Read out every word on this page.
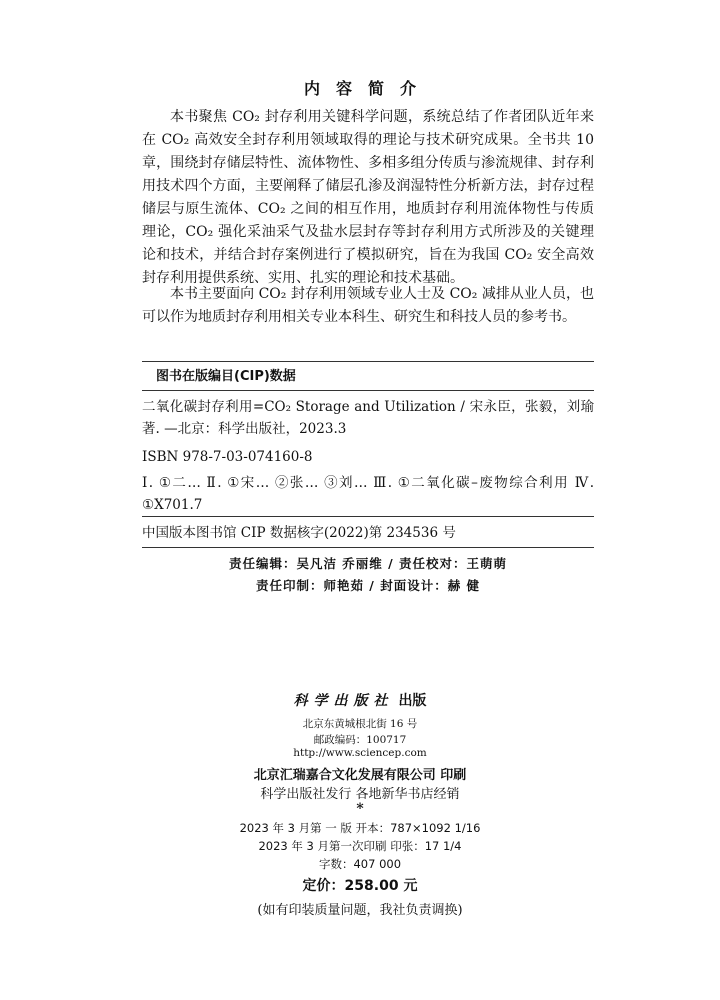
内容简介

本书聚焦 CO₂ 封存利用关键科学问题，系统总结了作者团队近年来在 CO₂ 高效安全封存利用领域取得的理论与技术研究成果。全书共 10 章，围绕封存储层特性、流体物性、多相多组分传质与渗流规律、封存利用技术四个方面，主要阐释了储层孔渗及润湿特性分析新方法，封存过程储层与原生流体、CO₂ 之间的相互作用，地质封存利用流体物性与传质理论，CO₂ 强化采油采气及盐水层封存等封存利用方式所涉及的关键理论和技术，并结合封存案例进行了模拟研究，旨在为我国 CO₂ 安全高效封存利用提供系统、实用、扎实的理论和技术基础。

本书主要面向 CO₂ 封存利用领域专业人士及 CO₂ 减排从业人员，也可以作为地质封存利用相关专业本科生、研究生和科技人员的参考书。

图书在版编目(CIP)数据
二氧化碳封存利用=CO₂ Storage and Utilization / 宋永臣，张毅，刘瑜著. —北京：科学出版社，2023.3
ISBN 978-7-03-074160-8
Ⅰ. ①二… Ⅱ. ①宋… ②张… ③刘… Ⅲ. ①二氧化碳–废物综合利用 Ⅳ. ①X701.7
中国版本图书馆 CIP 数据核字(2022)第 234536 号
责任编辑：吴凡洁 乔丽维 / 责任校对：王萌萌
责任印制：师艳茹 / 封面设计：赫 健
科学出版社 出版
北京东黄城根北街 16 号
邮政编码：100717
http://www.sciencep.com
北京汇瑞嘉合文化发展有限公司 印刷
科学出版社发行 各地新华书店经销
*
2023 年 3 月第 一 版 开本：787×1092 1/16
2023 年 3 月第一次印刷 印张：17 1/4
字数：407 000
定价：258.00 元
(如有印装质量问题，我社负责调换)
